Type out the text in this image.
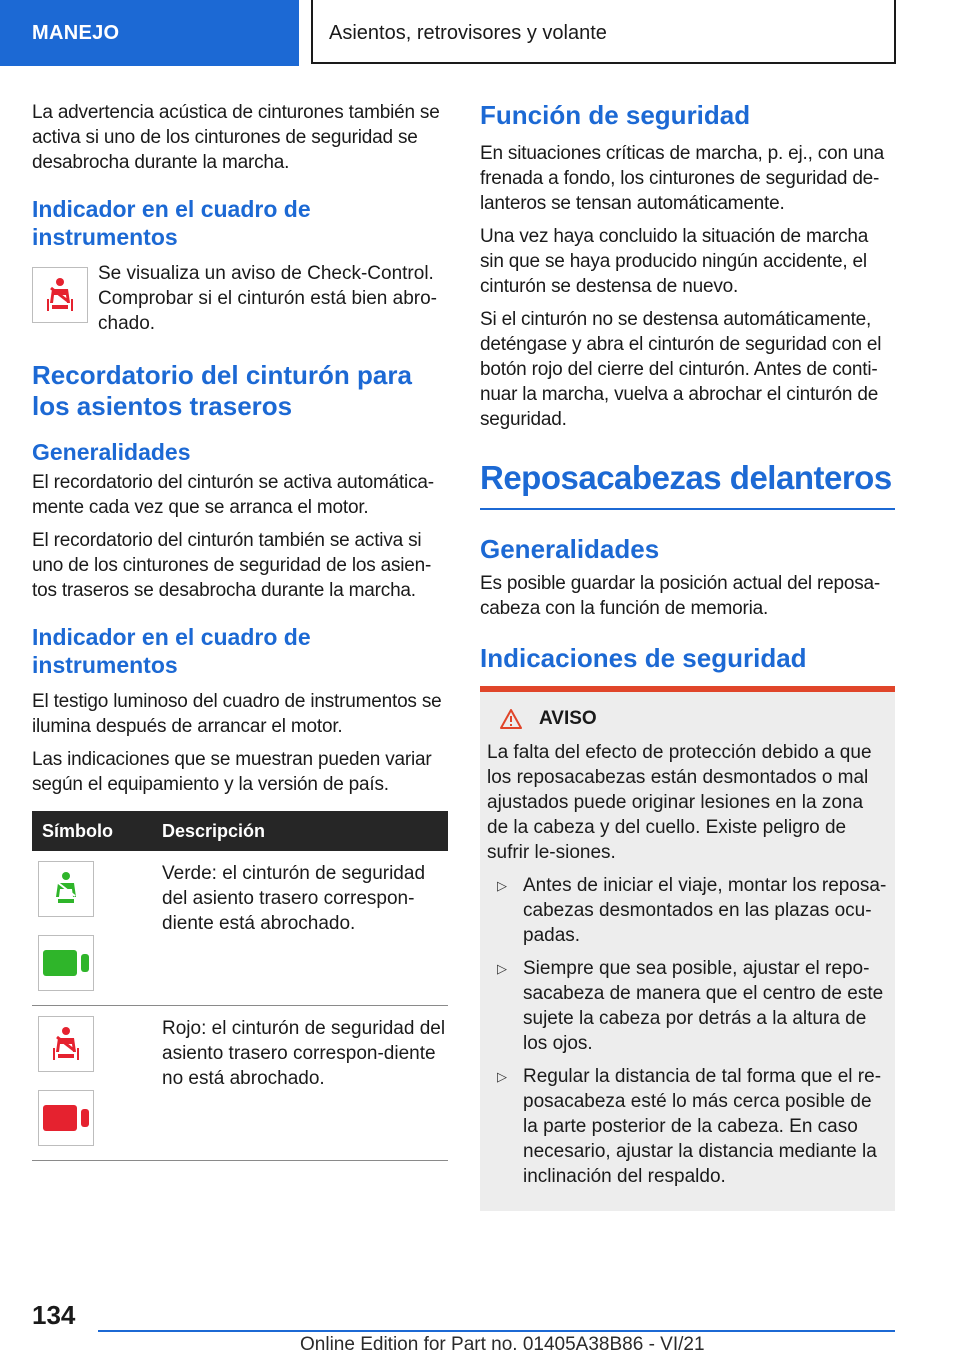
MANEJO	Asientos, retrovisores y volante

La advertencia acústica de cinturones también se activa si uno de los cinturones de seguridad se desabrocha durante la marcha.

Indicador en el cuadro de instrumentos
Se visualiza un aviso de Check-Control. Comprobar si el cinturón está bien abro-chado.
Recordatorio del cinturón para los asientos traseros
Generalidades

El recordatorio del cinturón se activa automática-mente cada vez que se arranca el motor.

El recordatorio del cinturón también se activa si uno de los cinturones de seguridad de los asien-tos traseros se desabrocha durante la marcha.

Indicador en el cuadro de instrumentos

El testigo luminoso del cuadro de instrumentos se ilumina después de arrancar el motor.

Las indicaciones que se muestran pueden variar según el equipamiento y la versión de país.

Símbolo	Descripción

	Verde: el cinturón de seguridad del asiento trasero correspon-diente está abrochado.

	Rojo: el cinturón de seguridad del asiento trasero correspon-diente no está abrochado.
Función de seguridad

En situaciones críticas de marcha, p. ej., con una frenada a fondo, los cinturones de seguridad de-lanteros se tensan automáticamente.

Una vez haya concluido la situación de marcha sin que se haya producido ningún accidente, el cinturón se destensa de nuevo.

Si el cinturón no se destensa automáticamente, deténgase y abra el cinturón de seguridad con el botón rojo del cierre del cinturón. Antes de conti-nuar la marcha, vuelva a abrochar el cinturón de seguridad.

Reposacabezas delanteros
Generalidades

Es posible guardar la posición actual del reposa-cabeza con la función de memoria.

Indicaciones de seguridad
AVISO

La falta del efecto de protección debido a que los reposacabezas están desmontados o mal ajustados puede originar lesiones en la zona de la cabeza y del cuello. Existe peligro de sufrir le-siones.

▷ Antes de iniciar el viaje, montar los reposa-cabezas desmontados en las plazas ocu-padas.
▷ Siempre que sea posible, ajustar el repo-sacabeza de manera que el centro de este sujete la cabeza por detrás a la altura de los ojos.
▷ Regular la distancia de tal forma que el re-posacabeza esté lo más cerca posible de la parte posterior de la cabeza. En caso necesario, ajustar la distancia mediante la inclinación del respaldo.
134
Online Edition for Part no. 01405A38B86 - VI/21
